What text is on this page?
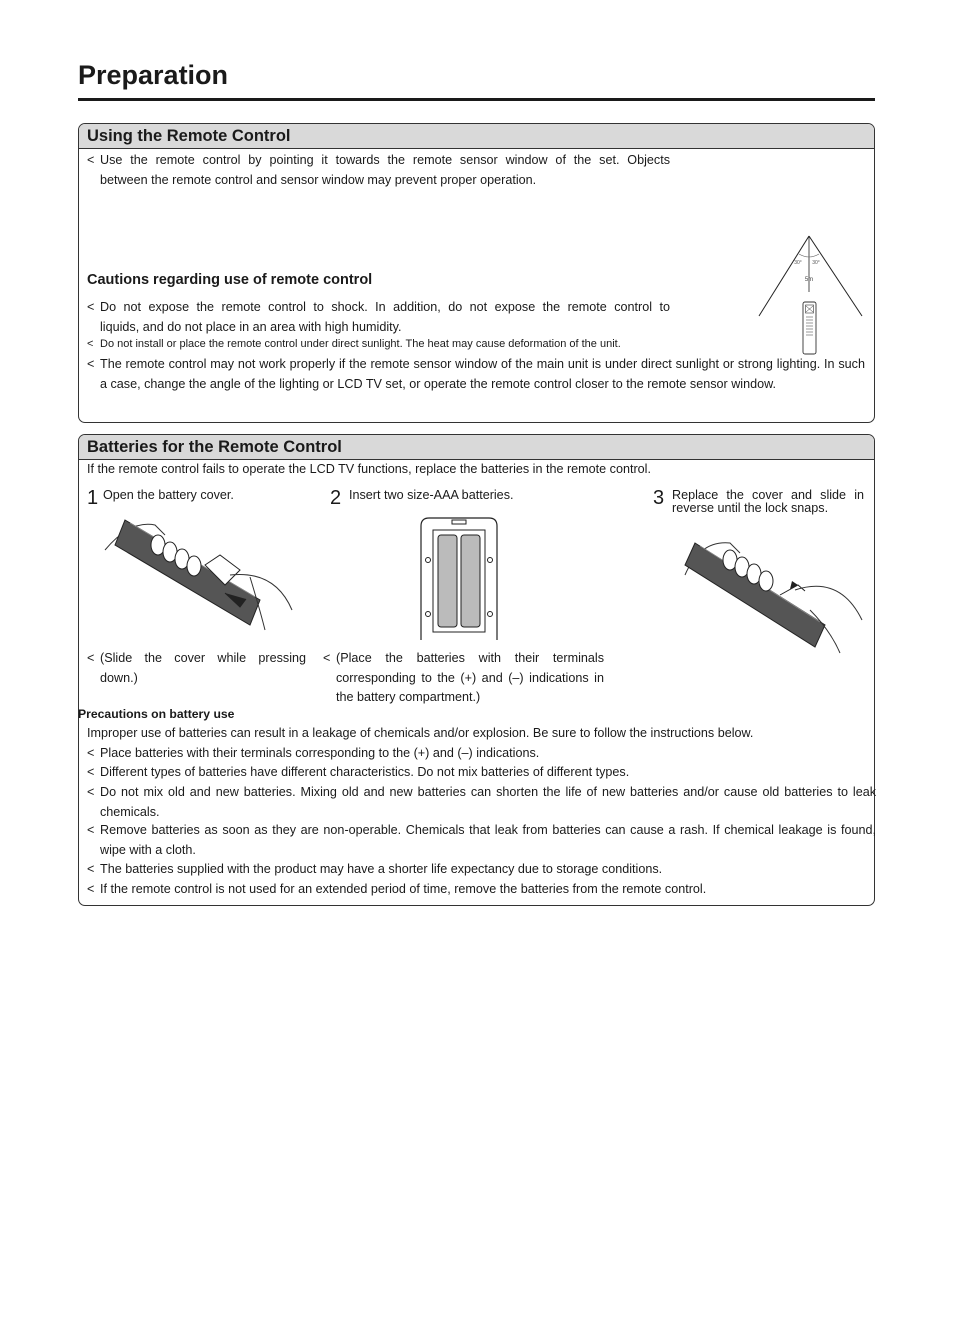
Preparation
Using the Remote Control
< Use the remote control by pointing it towards the remote sensor window of the set. Objects
between the remote control and sensor window may prevent proper operation.
30° 30°
5m
Cautions regarding use of remote control
< Do not expose the remote control to shock. In addition, do not expose the remote control to
liquids, and do not place in an area with high humidity.
< Do not install or place the remote control under direct sunlight. The heat may cause deformation of the unit.
< The remote control may not work properly if the remote sensor window of the main unit is under direct sunlight or strong lighting. In such a case, change the angle of the lighting or LCD TV set, or operate the remote control closer to the remote sensor window.
Batteries for the Remote Control
If the remote control fails to operate the LCD TV functions, replace the batteries in the remote control.
1 Open the battery cover.
< (Slide the cover while pressing down.)
2 Insert two size-AAA batteries.
< (Place the batteries with their terminals corresponding to the (+) and (–) indications in the battery compartment.)
3 Replace the cover and slide in reverse until the lock snaps.
Precautions on battery use
Improper use of batteries can result in a leakage of chemicals and/or explosion. Be sure to follow the instructions below.
< Place batteries with their terminals corresponding to the (+) and (–) indications.
< Different types of batteries have different characteristics. Do not mix batteries of different types.
< Do not mix old and new batteries. Mixing old and new batteries can shorten the life of new batteries and/or cause old batteries to leak chemicals.
< Remove batteries as soon as they are non-operable. Chemicals that leak from batteries can cause a rash. If chemical leakage is found, wipe with a cloth.
< The batteries supplied with the product may have a shorter life expectancy due to storage conditions.
< If the remote control is not used for an extended period of time, remove the batteries from the remote control.
